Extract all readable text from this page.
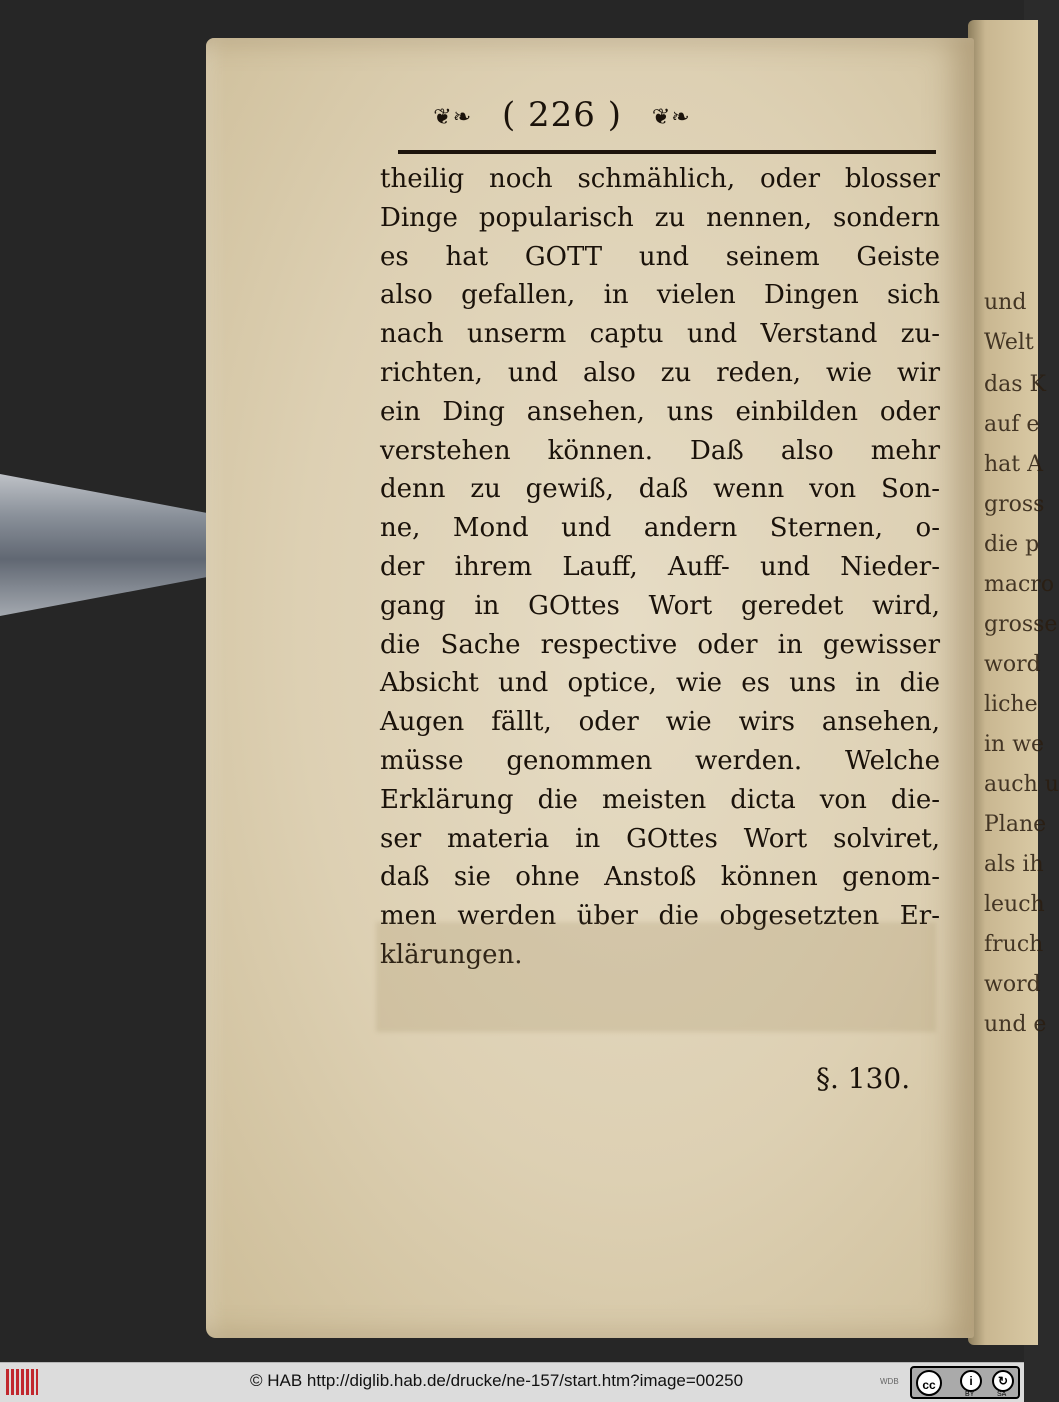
und
Welt
das K
auf e
hat A
gross
die p
macro
grosse
word
liche
in we
auch u
Plane
als ih
leuch
fruch
word
und e
❦❧ ( 226 ) ❦❧
theilig noch schmählich, oder blosser
Dinge popularisch zu nennen, sondern
es hat GOTT und seinem Geiste
also gefallen, in vielen Dingen sich
nach unserm captu und Verstand zu-
richten, und also zu reden, wie wir
ein Ding ansehen, uns einbilden oder
verstehen können. Daß also mehr
denn zu gewiß, daß wenn von Son-
ne, Mond und andern Sternen, o-
der ihrem Lauff, Auff- und Nieder-
gang in GOttes Wort geredet wird,
die Sache respective oder in gewisser
Absicht und optice, wie es uns in die
Augen fällt, oder wie wirs ansehen,
müsse genommen werden. Welche
Erklärung die meisten dicta von die-
ser materia in GOttes Wort solviret,
daß sie ohne Anstoß können genom-
men werden über die obgesetzten Er-
klärungen.
§. 130.
© HAB http://diglib.hab.de/drucke/ne-157/start.htm?image=00250	WDB	cc	i	↻
BY	SA
